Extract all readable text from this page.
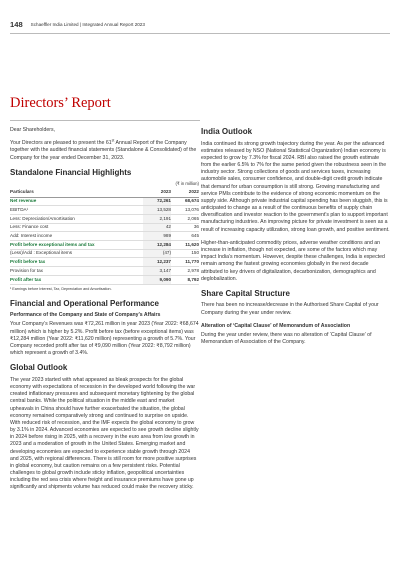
148 Schaeffler India Limited | Integrated Annual Report 2023
Directors’ Report

Dear Shareholders,

Your Directors are pleased to present the 61st Annual Report of the Company together with the audited financial statements (Standalone & Consolidated) of the Company for the year ended December 31, 2023.

Standalone Financial Highlights
(₹ in million)
Particulars	2023	2022
Net revenue	72,261	68,674
EBITDA¹	13,528	13,076
Less: Depreciation/Amortisation	2,191	2,065
Less: Finance cost	42	36
Add: Interest income	989	645
Profit before exceptional items and tax	12,284	11,620
(Less)/Add : Exceptional items	(47)	150
Profit before tax	12,237	11,770
Provision for tax	3,147	2,978
Profit after tax	9,090	8,792
¹ Earnings before Interest, Tax, Depreciation and Amortisation.
Financial and Operational Performance
Performance of the Company and State of Company’s Affairs

Your Company’s Revenues was ₹72,261 million in year 2023 (Year 2022: ₹68,674 million) which is higher by 5.2%. Profit before tax (before exceptional items) was ₹12,284 million (Year 2022: ₹11,620 million) representing a growth of 5.7%. Your Company recorded profit after tax of ₹9,090 million (Year 2022: ₹8,792 million) which represent a growth of 3.4%.

Global Outlook

The year 2023 started with what appeared as bleak prospects for the global economy with expectations of recession in the developed world following the war created inflationary pressures and subsequent monetary tightening by the global central banks. While the political situation in the middle east and market upheavals in China should have further exacerbated the situation, the global economy remained comparatively strong and continued to surprise on upside. With reduced risk of recession, and the IMF expects the global economy to grow by 3.1% in 2024. Advanced economies are expected to see growth decline slightly in 2024 before rising in 2025, with a recovery in the euro area from low growth in 2023 and a moderation of growth in the United States. Emerging market and developing economies are expected to experience stable growth through 2024 and 2025, with regional differences. There is still room for more positive surprises in global economy, but caution remains on a few persistent risks. Potential challenges to global growth include sticky inflation, geopolitical uncertainties including the red sea crisis where freight and insurance premiums have gone up significantly and shipments volume has reduced could make the recovery sticky.

India Outlook

India continued its strong growth trajectory during the year. As per the advanced estimates released by NSO (National Statistical Organization) Indian economy is expected to grow by 7.3% for fiscal 2024. RBI also raised the growth estimate from the earlier 6.5% to 7% for the same period given the robustness seen in the industry sector. Strong collections of goods and services taxes, increasing automobile sales, consumer confidence, and double-digit credit growth indicate that demand for urban consumption is still strong. Growing manufacturing and service PMIs contribute to the evidence of strong economic momentum on the supply side. Although private industrial capital spending has been sluggish, this is anticipated to change as a result of the continuous benefits of supply chain diversification and investor reaction to the government’s plan to support important manufacturing industries. An improving picture for private investment is seen as a result of increasing capacity utilization, strong loan growth, and positive sentiment.

Higher-than-anticipated commodity prices, adverse weather conditions and an increase in inflation, though not expected, are some of the factors which may impact India’s momentum. However, despite these challenges, India is expected remain among the fastest growing economies globally in the next decade attributed to key drivers of digitalization, decarbonization, demographics and deglobalization.

Share Capital Structure

There has been no increase/decrease in the Authorised Share Capital of your Company during the year under review.

Alteration of ‘Capital Clause’ of Memorandum of Association

During the year under review, there was no alteration of ‘Capital Clause’ of Memorandum of Association of the Company.
